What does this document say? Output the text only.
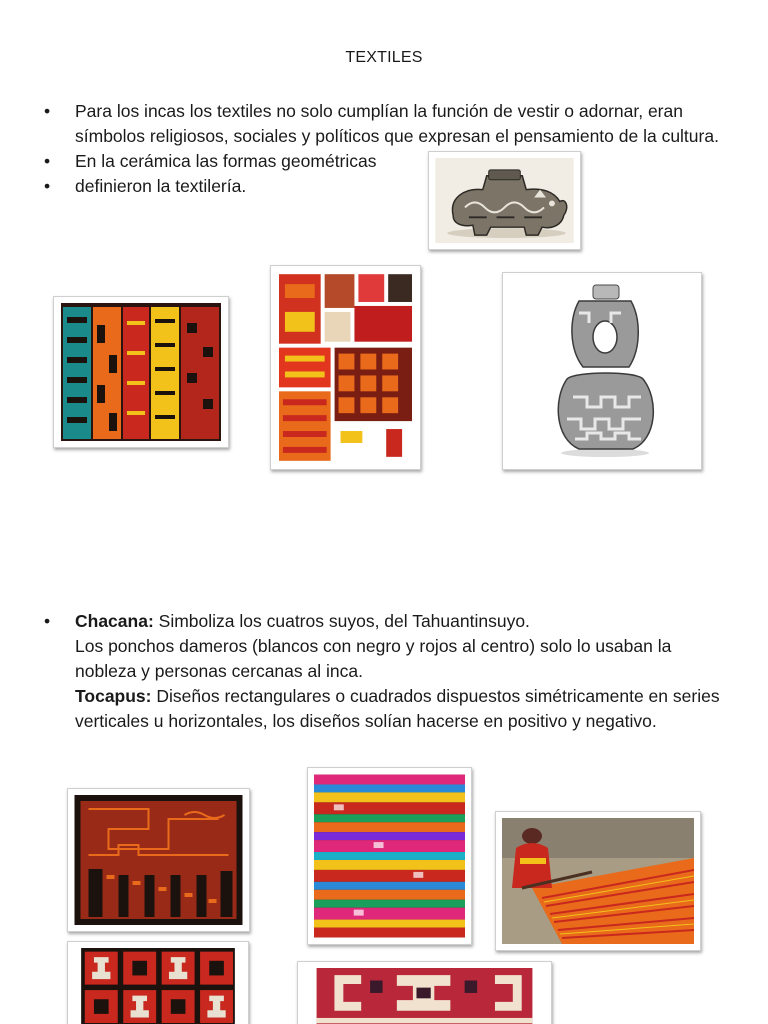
TEXTILES
• Para los incas los textiles no solo cumplían la función de vestir o adornar, eran símbolos religiosos, sociales y políticos que expresan el pensamiento de la cultura.
• En la cerámica las formas geométricas
• definieron la textilería.
• Chacana: Simboliza los cuatros suyos, del Tahuantinsuyo.
Los ponchos dameros (blancos con negro y rojos al centro) solo lo usaban la nobleza y personas cercanas al inca.
Tocapus: Diseños rectangulares o cuadrados dispuestos simétricamente en series verticales u horizontales, los diseños solían hacerse en positivo y negativo.
